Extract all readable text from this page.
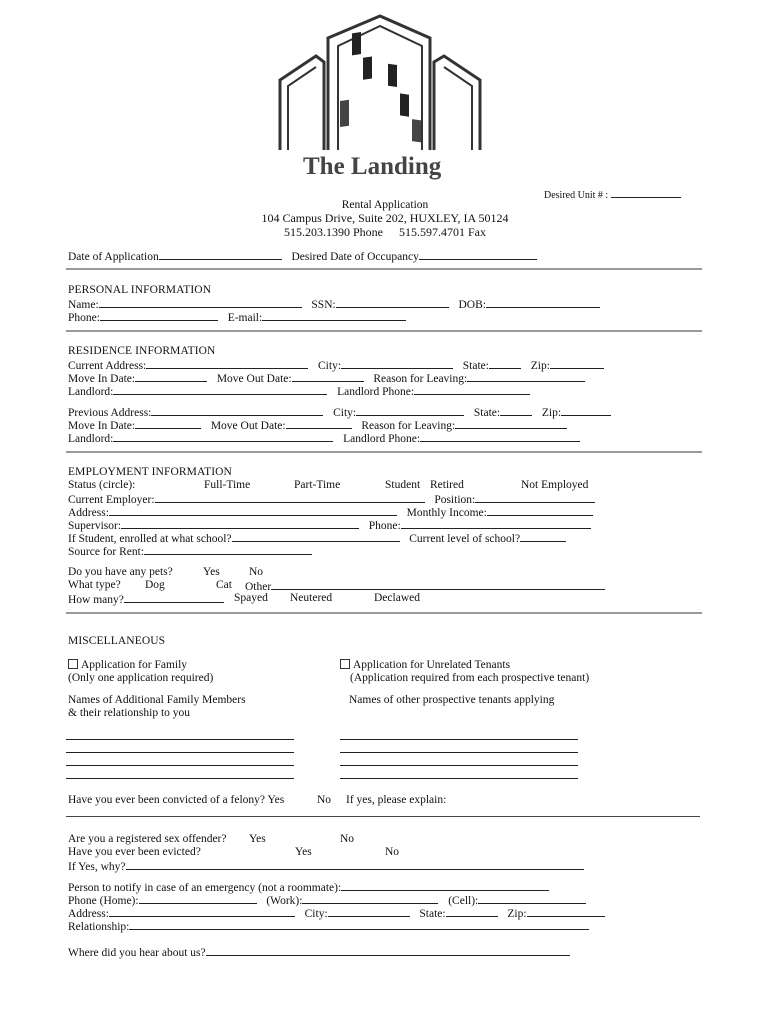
The Landing
Desired Unit # :
Rental Application
104 Campus Drive, Suite 202, HUXLEY, IA 50124
515.203.1390 Phone 515.597.4701 Fax
Date of Application	Desired Date of Occupancy
PERSONAL INFORMATION
Name:	SSN:	DOB:
Phone:	E-mail:
RESIDENCE INFORMATION
Current Address:	City:	State:	Zip:
Move In Date:	Move Out Date:	Reason for Leaving:
Landlord:	Landlord Phone:
Previous Address:	City:	State:	Zip:
Move In Date:	Move Out Date:	Reason for Leaving:
Landlord:	Landlord Phone:
EMPLOYMENT INFORMATION
Status (circle):	Full-Time	Part-Time	Student Retired	Not Employed
Current Employer:	Position:
Address:	Monthly Income:
Supervisor:	Phone:
If Student, enrolled at what school?	Current level of school?
Source for Rent:
Do you have any pets?	Yes	No
What type? Dog	Cat Other
How many?	Spayed Neutered	Declawed
MISCELLANEOUS
Application for Family
(Only one application required)
Application for Unrelated Tenants
(Application required from each prospective tenant)
Names of Additional Family Members
& their relationship to you
Names of other prospective tenants applying
Have you ever been convicted of a felony? Yes	No If yes, please explain:
Are you a registered sex offender? Yes	No
Have you ever been evicted?	Yes	No
If Yes, why?
Person to notify in case of an emergency (not a roommate):
Phone (Home):	(Work):	(Cell):
Address:	City:	State:	Zip:
Relationship:
Where did you hear about us?
